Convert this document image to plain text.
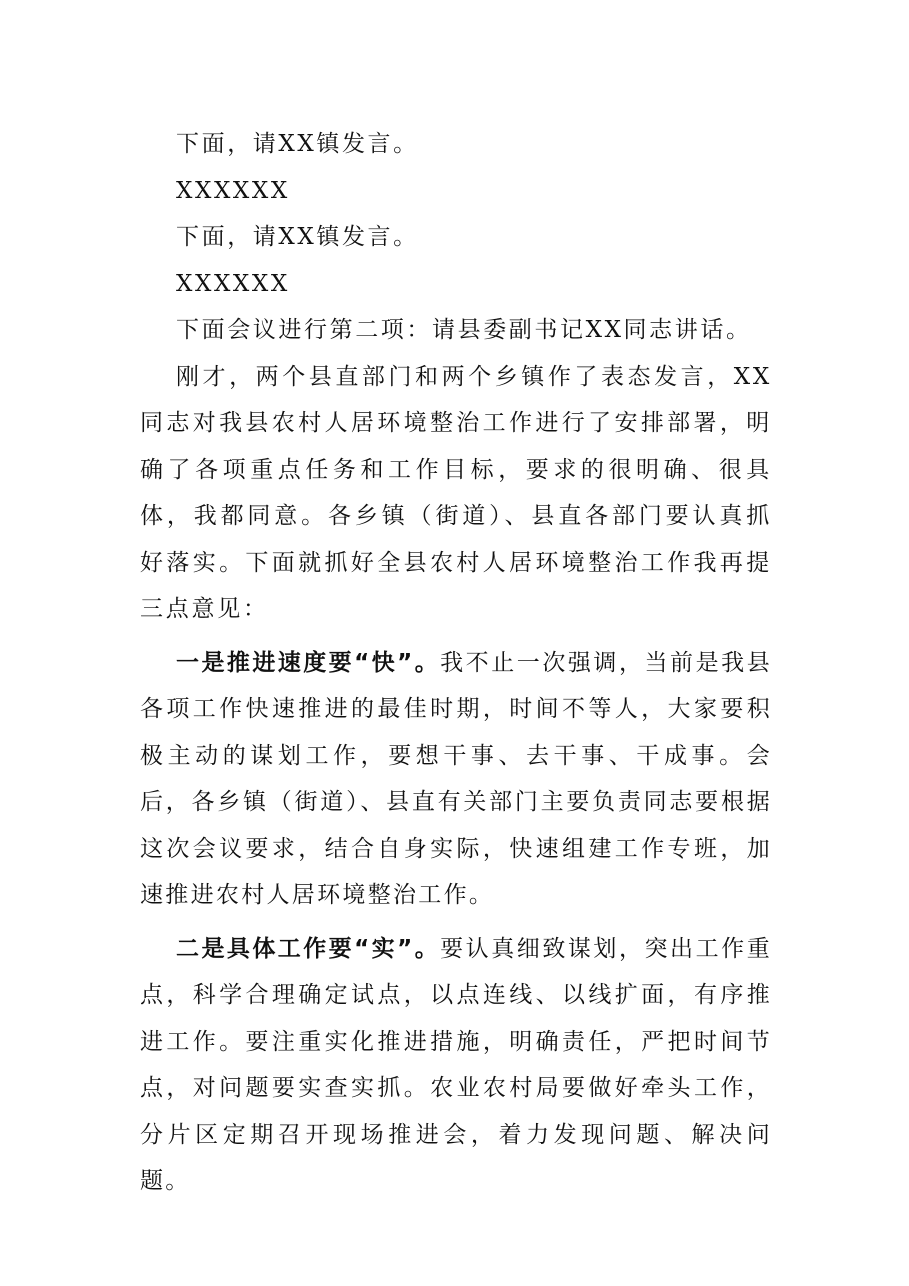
下面，请XX镇发言。

XXXXXX

下面，请XX镇发言。

XXXXXX

下面会议进行第二项：请县委副书记XX同志讲话。

刚才，两个县直部门和两个乡镇作了表态发言，XX同志对我县农村人居环境整治工作进行了安排部署，明确了各项重点任务和工作目标，要求的很明确、很具体，我都同意。各乡镇（街道）、县直各部门要认真抓好落实。下面就抓好全县农村人居环境整治工作我再提三点意见：

一是推进速度要“快”。我不止一次强调，当前是我县各项工作快速推进的最佳时期，时间不等人，大家要积极主动的谋划工作，要想干事、去干事、干成事。会后，各乡镇（街道）、县直有关部门主要负责同志要根据这次会议要求，结合自身实际，快速组建工作专班，加速推进农村人居环境整治工作。

二是具体工作要“实”。要认真细致谋划，突出工作重点，科学合理确定试点，以点连线、以线扩面，有序推进工作。要注重实化推进措施，明确责任，严把时间节点，对问题要实查实抓。农业农村局要做好牵头工作，分片区定期召开现场推进会，着力发现问题、解决问题。
